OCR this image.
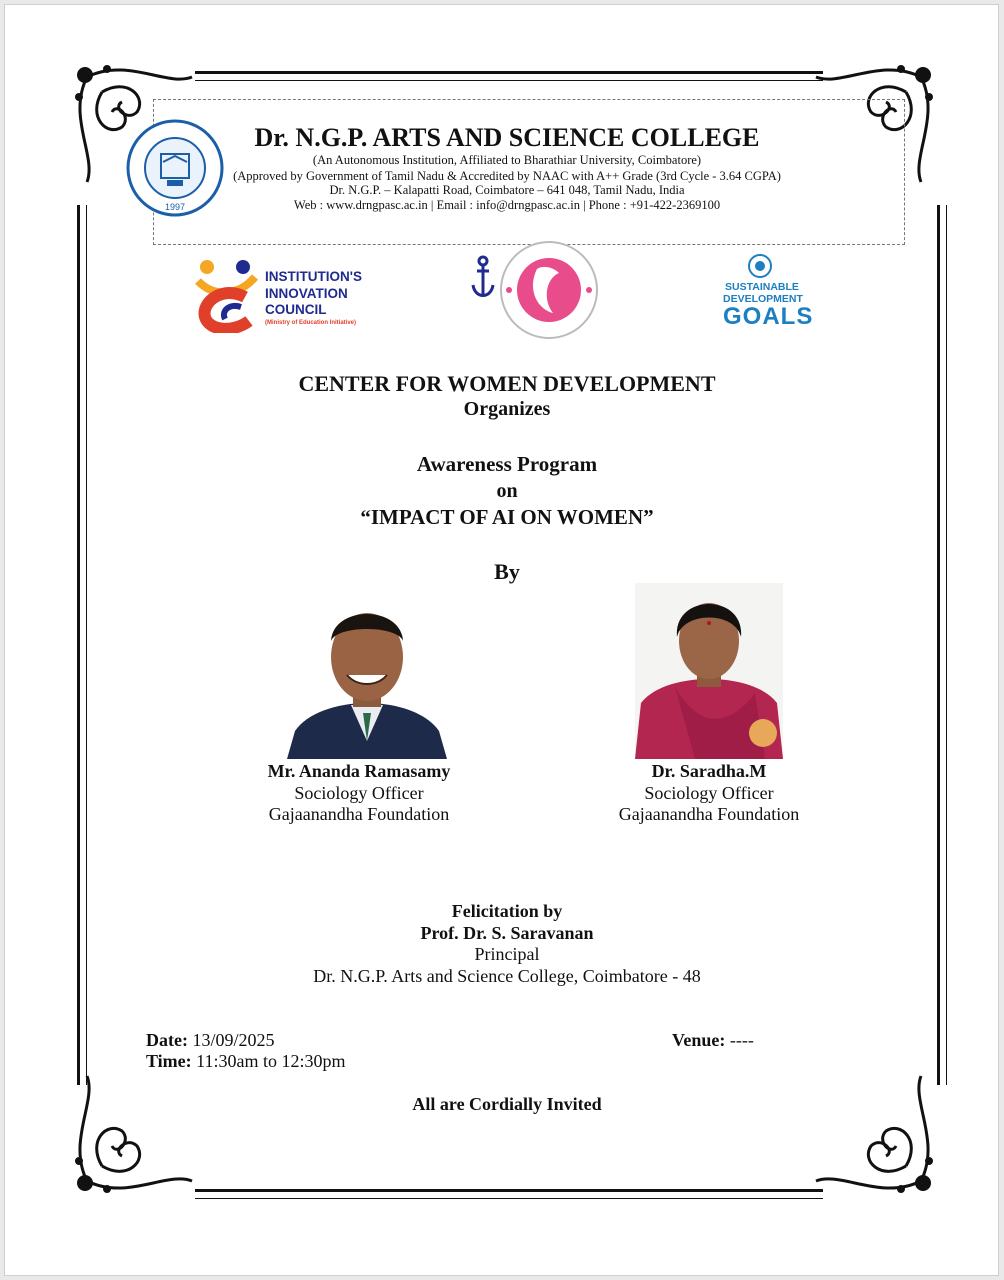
1997
Dr. N.G.P. ARTS AND SCIENCE COLLEGE
(An Autonomous Institution, Affiliated to Bharathiar University, Coimbatore)
(Approved by Government of Tamil Nadu & Accredited by NAAC with A++ Grade (3rd Cycle - 3.64 CGPA)
Dr. N.G.P. – Kalapatti Road, Coimbatore – 641 048, Tamil Nadu, India
Web : www.drngpasc.ac.in | Email : info@drngpasc.ac.in | Phone : +91-422-2369100
INSTITUTION'S
INNOVATION
COUNCIL
(Ministry of Education Initiative)
SUSTAINABLE
DEVELOPMENT
GOALS
CENTER FOR WOMEN DEVELOPMENT
Organizes
Awareness Program
on
“IMPACT OF AI ON WOMEN”
By
Mr. Ananda Ramasamy
Sociology Officer
Gajaanandha Foundation
Dr. Saradha.M
Sociology Officer
Gajaanandha Foundation
Felicitation by
Prof. Dr. S. Saravanan
Principal
Dr. N.G.P. Arts and Science College, Coimbatore - 48
Date: 13/09/2025
Time: 11:30am to 12:30pm
Venue: ----
All are Cordially Invited
